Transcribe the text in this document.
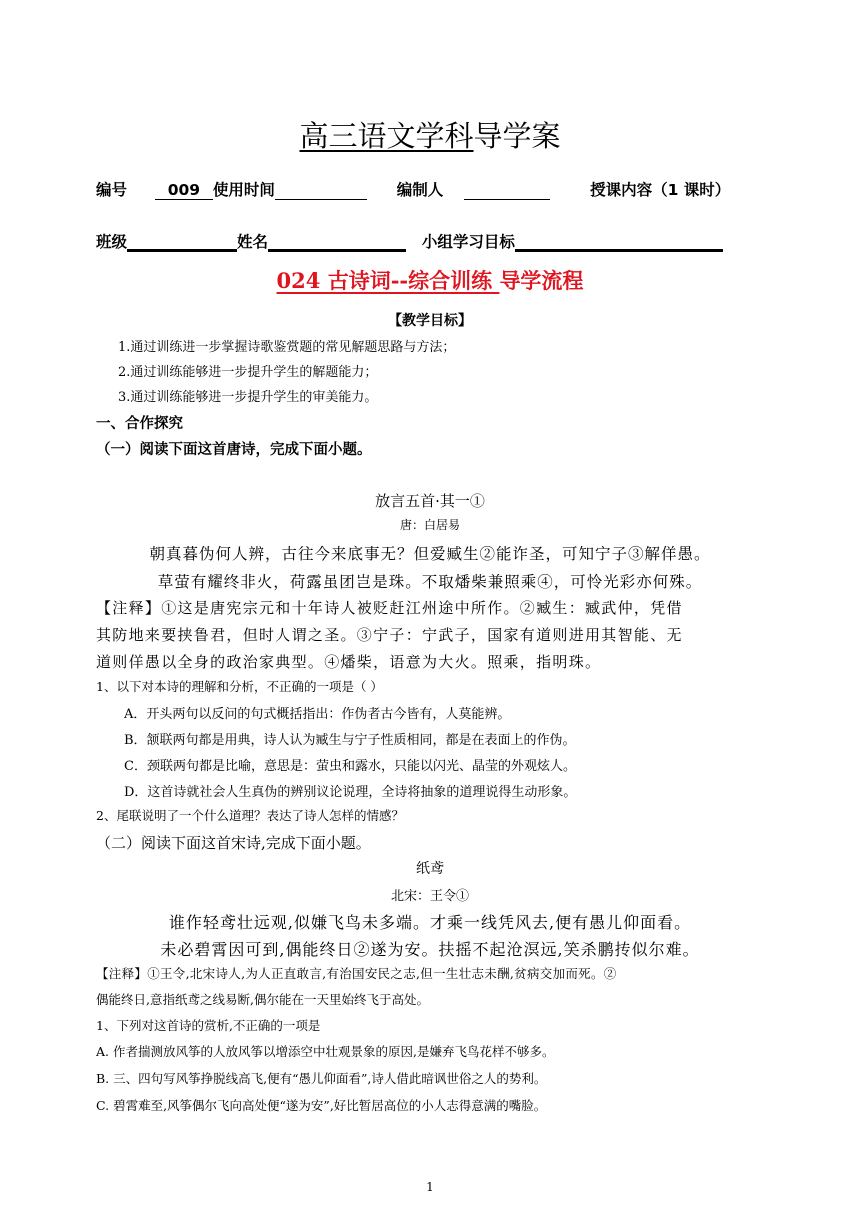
高三语文学科导学案
编号	009 使用时间	编制人	授课内容（1 课时）
班级	姓名	小组学习目标
024 古诗词--综合训练 导学流程
【教学目标】
1.通过训练进一步掌握诗歌鉴赏题的常见解题思路与方法；
2.通过训练能够进一步提升学生的解题能力；
3.通过训练能够进一步提升学生的审美能力。
一、合作探究
（一）阅读下面这首唐诗，完成下面小题。
放言五首·其一①
唐：白居易
朝真暮伪何人辨，古往今来底事无？但爱臧生②能诈圣，可知宁子③解佯愚。
草萤有耀终非火，荷露虽团岂是珠。不取燔柴兼照乘④，可怜光彩亦何殊。
【注释】①这是唐宪宗元和十年诗人被贬赶江州途中所作。②臧生：臧武仲，凭借
其防地来要挟鲁君，但时人谓之圣。③宁子：宁武子，国家有道则进用其智能、无
道则佯愚以全身的政治家典型。④燔柴，语意为大火。照乘，指明珠。
1、以下对本诗的理解和分析，不正确的一项是（ ）
A．开头两句以反问的句式概括指出：作伪者古今皆有，人莫能辨。
B．颔联两句都是用典，诗人认为臧生与宁子性质相同，都是在表面上的作伪。
C．颈联两句都是比喻，意思是：萤虫和露水，只能以闪光、晶莹的外观炫人。
D．这首诗就社会人生真伪的辨别议论说理，全诗将抽象的道理说得生动形象。
2、尾联说明了一个什么道理？表达了诗人怎样的情感？
（二）阅读下面这首宋诗,完成下面小题。
纸鸢
北宋：王令①
谁作轻鸢壮远观,似嫌飞鸟未多端。才乘一线凭风去,便有愚儿仰面看。
未必碧霄因可到,偶能终日②遂为安。扶摇不起沧溟远,笑杀鹏抟似尔难。
【注释】①王令,北宋诗人,为人正直敢言,有治国安民之志,但一生壮志未酬,贫病交加而死。②
偶能终日,意指纸鸢之线易断,偶尔能在一天里始终飞于高处。
1、下列对这首诗的赏析,不正确的一项是
A. 作者揣测放风筝的人放风筝以增添空中壮观景象的原因,是嫌弃飞鸟花样不够多。
B. 三、四句写风筝挣脱线高飞,便有“愚儿仰面看”,诗人借此暗讽世俗之人的势利。
C. 碧霄难至,风筝偶尔飞向高处便“遂为安”,好比暂居高位的小人志得意满的嘴脸。
1
